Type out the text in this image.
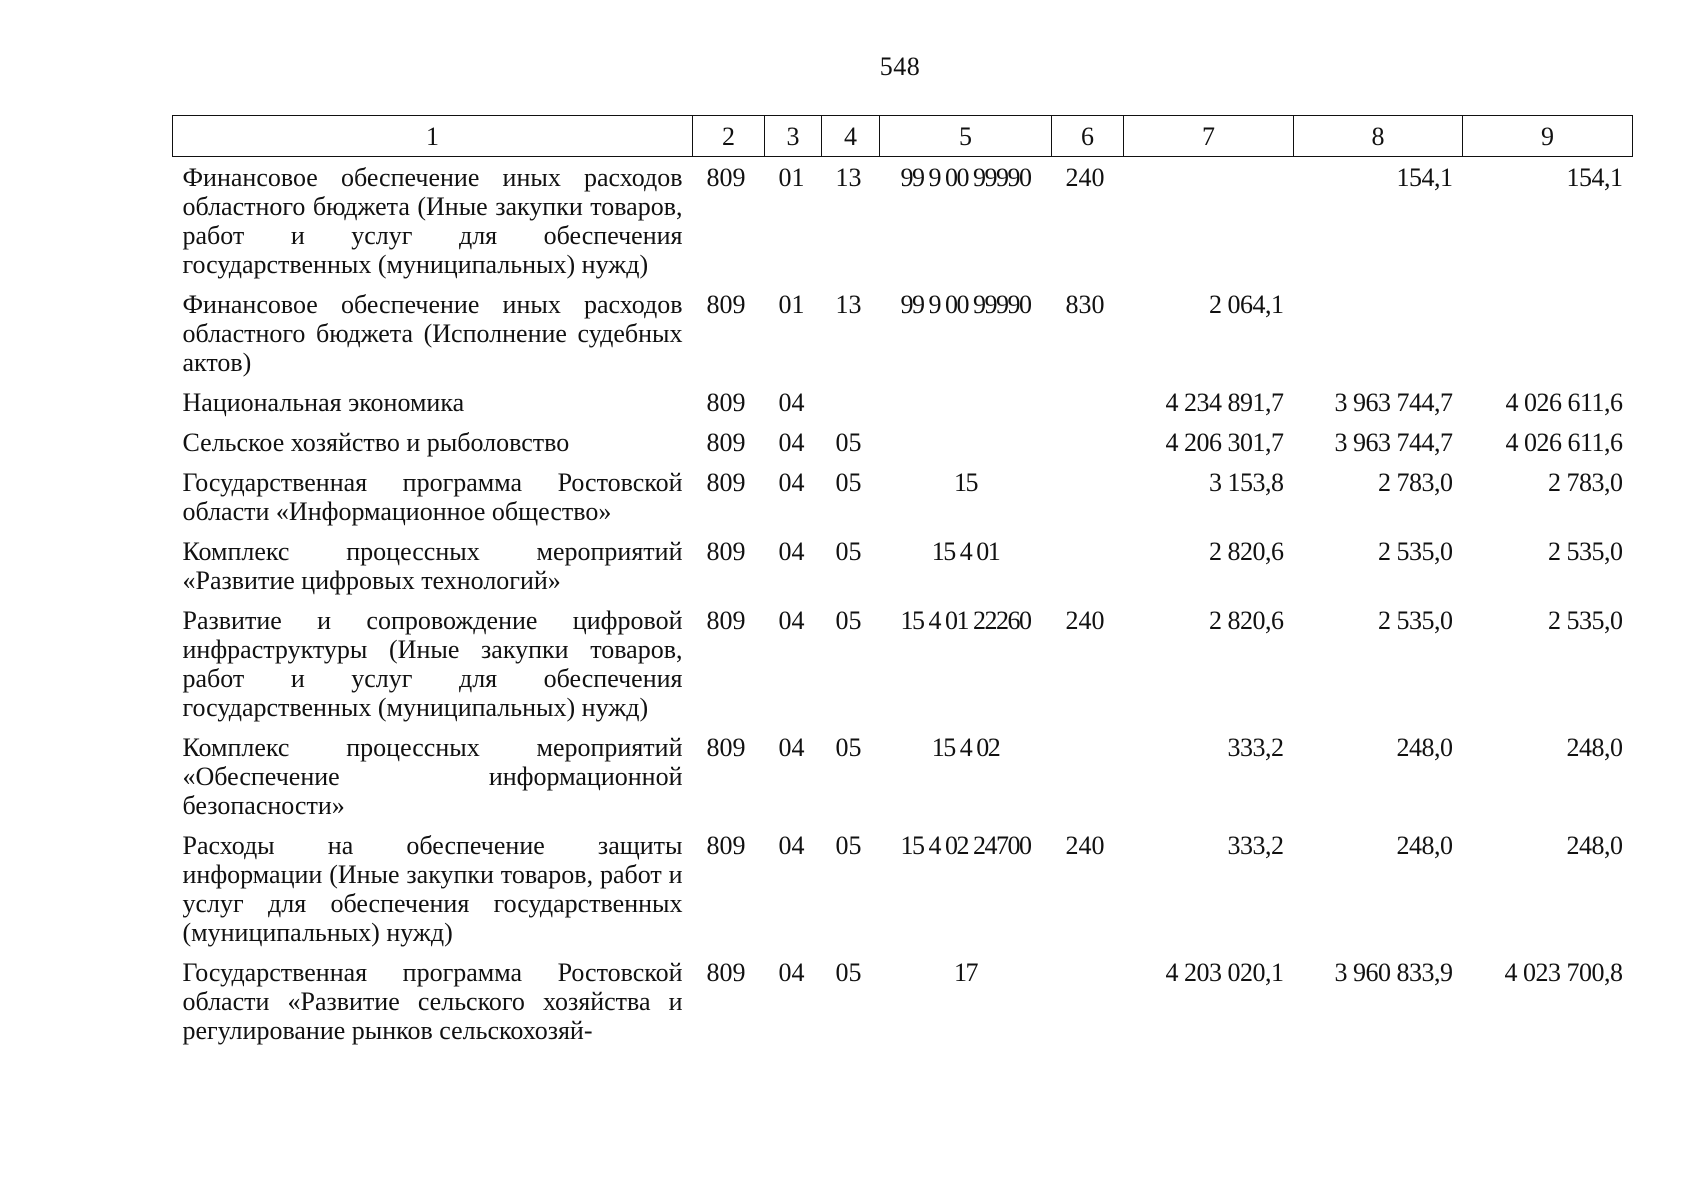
548
1	2	3	4	5	6	7	8	9
Финансовое обеспечение иных расходов областного бюджета (Иные закупки товаров, работ и услуг для обеспечения государственных (муниципальных) нужд)	809	01	13	99 9 00 99990	240		154,1	154,1
Финансовое обеспечение иных расходов областного бюджета (Исполнение судебных актов)	809	01	13	99 9 00 99990	830	2 064,1		
Национальная экономика	809	04				4 234 891,7	3 963 744,7	4 026 611,6
Сельское хозяйство и рыболовство	809	04	05			4 206 301,7	3 963 744,7	4 026 611,6
Государственная программа Ростовской области «Информационное общество»	809	04	05	15		3 153,8	2 783,0	2 783,0
Комплекс процессных мероприятий «Развитие цифровых технологий»	809	04	05	15 4 01		2 820,6	2 535,0	2 535,0
Развитие и сопровождение цифровой инфраструктуры (Иные закупки товаров, работ и услуг для обеспечения государственных (муниципальных) нужд)	809	04	05	15 4 01 22260	240	2 820,6	2 535,0	2 535,0
Комплекс процессных мероприятий «Обеспечение информационной безопасности»	809	04	05	15 4 02		333,2	248,0	248,0
Расходы на обеспечение защиты информации (Иные закупки товаров, работ и услуг для обеспечения государственных (муниципальных) нужд)	809	04	05	15 4 02 24700	240	333,2	248,0	248,0
Государственная программа Ростовской области «Развитие сельского хозяйства и регулирование рынков сельскохозяй-	809	04	05	17		4 203 020,1	3 960 833,9	4 023 700,8
